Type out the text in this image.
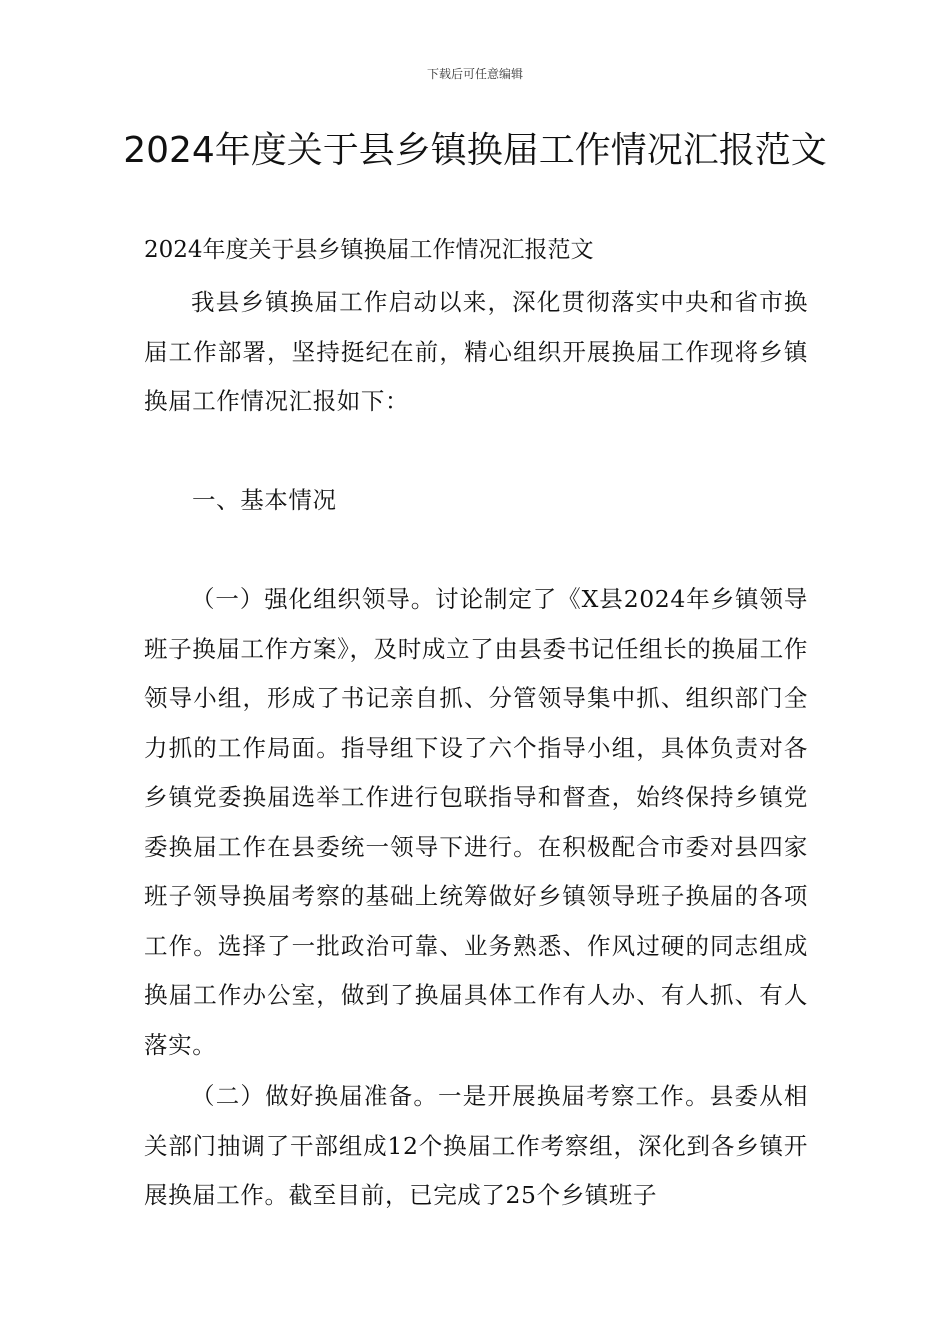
下载后可任意编辑
2024年度关于县乡镇换届工作情况汇报范文
2024年度关于县乡镇换届工作情况汇报范文

我县乡镇换届工作启动以来，深化贯彻落实中央和省市换届工作部署，坚持挺纪在前，精心组织开展换届工作现将乡镇换届工作情况汇报如下：

一、基本情况

（一）强化组织领导。讨论制定了《X县2024年乡镇领导班子换届工作方案》，及时成立了由县委书记任组长的换届工作领导小组，形成了书记亲自抓、分管领导集中抓、组织部门全力抓的工作局面。指导组下设了六个指导小组，具体负责对各乡镇党委换届选举工作进行包联指导和督查，始终保持乡镇党委换届工作在县委统一领导下进行。在积极配合市委对县四家班子领导换届考察的基础上统筹做好乡镇领导班子换届的各项工作。选择了一批政治可靠、业务熟悉、作风过硬的同志组成换届工作办公室，做到了换届具体工作有人办、有人抓、有人落实。

（二）做好换届准备。一是开展换届考察工作。县委从相关部门抽调了干部组成12个换届工作考察组，深化到各乡镇开展换届工作。截至目前，已完成了25个乡镇班子
